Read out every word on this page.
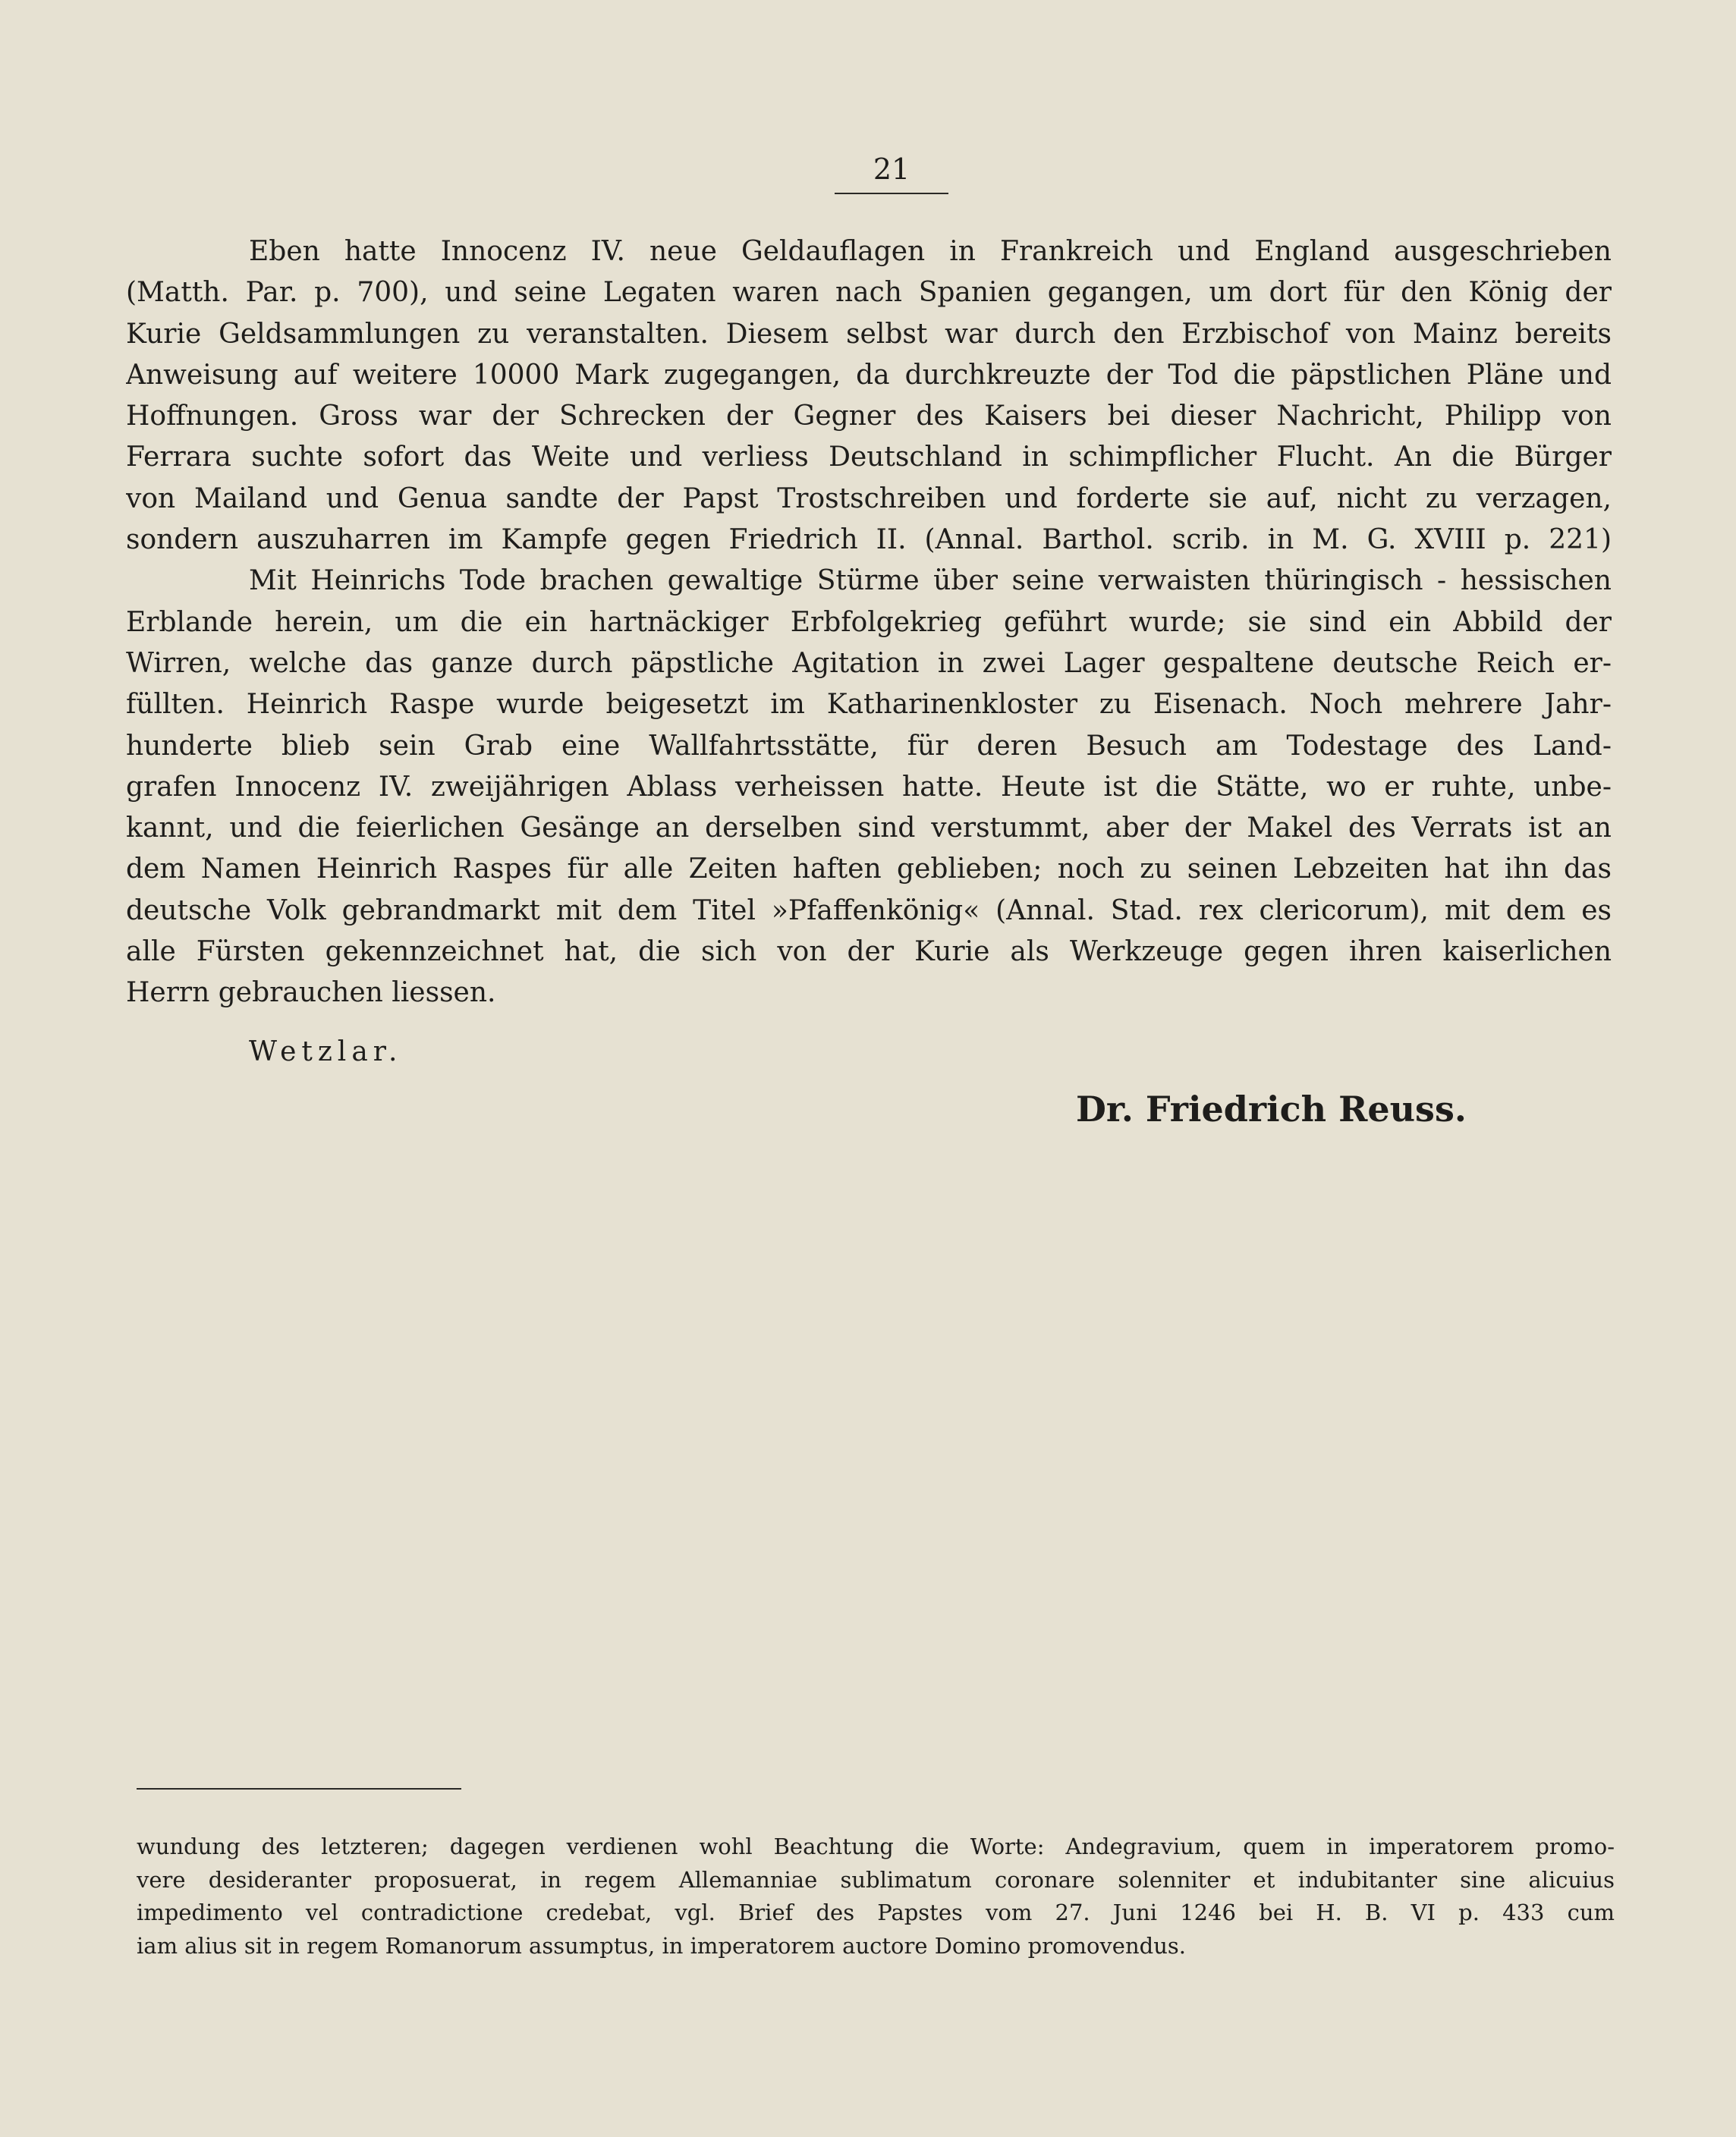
21
Eben hatte Innocenz IV. neue Geldauflagen in Frankreich und England ausgeschrieben
(Matth. Par. p. 700), und seine Legaten waren nach Spanien gegangen, um dort für den König der
Kurie Geldsammlungen zu veranstalten. Diesem selbst war durch den Erzbischof von Mainz bereits
Anweisung auf weitere 10000 Mark zugegangen, da durchkreuzte der Tod die päpstlichen Pläne und
Hoffnungen. Gross war der Schrecken der Gegner des Kaisers bei dieser Nachricht, Philipp von
Ferrara suchte sofort das Weite und verliess Deutschland in schimpflicher Flucht. An die Bürger
von Mailand und Genua sandte der Papst Trostschreiben und forderte sie auf, nicht zu verzagen,
sondern auszuharren im Kampfe gegen Friedrich II. (Annal. Barthol. scrib. in M. G. XVIII p. 221)
Mit Heinrichs Tode brachen gewaltige Stürme über seine verwaisten thüringisch - hessischen
Erblande herein, um die ein hartnäckiger Erbfolgekrieg geführt wurde; sie sind ein Abbild der
Wirren, welche das ganze durch päpstliche Agitation in zwei Lager gespaltene deutsche Reich er-
füllten. Heinrich Raspe wurde beigesetzt im Katharinenkloster zu Eisenach. Noch mehrere Jahr-
hunderte blieb sein Grab eine Wallfahrtsstätte, für deren Besuch am Todestage des Land-
grafen Innocenz IV. zweijährigen Ablass verheissen hatte. Heute ist die Stätte, wo er ruhte, unbe-
kannt, und die feierlichen Gesänge an derselben sind verstummt, aber der Makel des Verrats ist an
dem Namen Heinrich Raspes für alle Zeiten haften geblieben; noch zu seinen Lebzeiten hat ihn das
deutsche Volk gebrandmarkt mit dem Titel »Pfaffenkönig« (Annal. Stad. rex clericorum), mit dem es
alle Fürsten gekennzeichnet hat, die sich von der Kurie als Werkzeuge gegen ihren kaiserlichen
Herrn gebrauchen liessen.
Wetzlar.
Dr. Friedrich Reuss.
wundung des letzteren; dagegen verdienen wohl Beachtung die Worte: Andegravium, quem in imperatorem promo-
vere desideranter proposuerat, in regem Allemanniae sublimatum coronare solenniter et indubitanter sine alicuius
impedimento vel contradictione credebat, vgl. Brief des Papstes vom 27. Juni 1246 bei H. B. VI p. 433 cum
iam alius sit in regem Romanorum assumptus, in imperatorem auctore Domino promovendus.
